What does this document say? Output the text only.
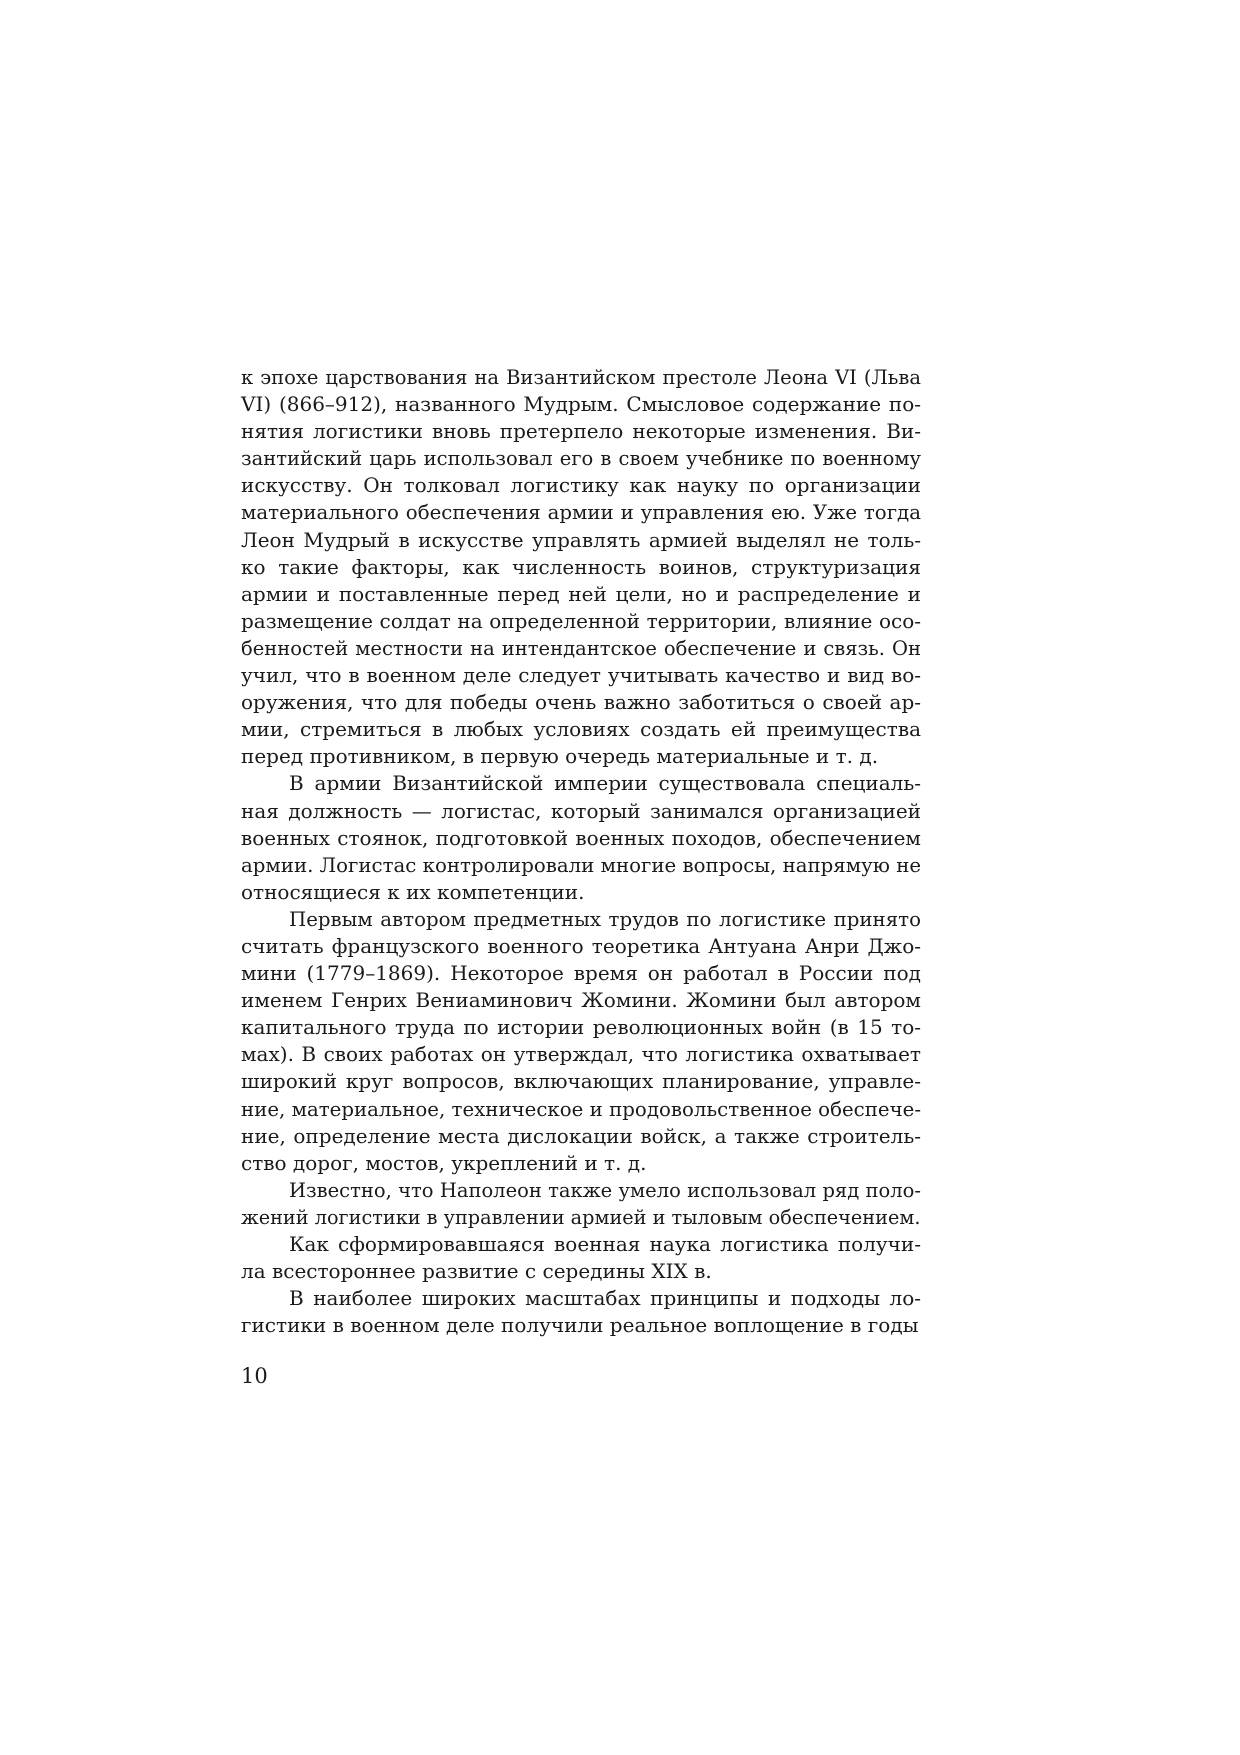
к эпохе царствования на Византийском престоле Леона VI (Льва
VI) (866–912), названного Мудрым. Смысловое содержание по-
нятия логистики вновь претерпело некоторые изменения. Ви-
зантийский царь использовал его в своем учебнике по военному
искусству. Он толковал логистику как науку по организации
материального обеспечения армии и управления ею. Уже тогда
Леон Мудрый в искусстве управлять армией выделял не толь-
ко такие факторы, как численность воинов, структуризация
армии и поставленные перед ней цели, но и распределение и
размещение солдат на определенной территории, влияние осо-
бенностей местности на интендантское обеспечение и связь. Он
учил, что в военном деле следует учитывать качество и вид во-
оружения, что для победы очень важно заботиться о своей ар-
мии, стремиться в любых условиях создать ей преимущества
перед противником, в первую очередь материальные и т. д.
В армии Византийской империи существовала специаль-
ная должность — логистас, который занимался организацией
военных стоянок, подготовкой военных походов, обеспечением
армии. Логистас контролировали многие вопросы, напрямую не
относящиеся к их компетенции.
Первым автором предметных трудов по логистике принято
считать французского военного теоретика Антуана Анри Джо-
мини (1779–1869). Некоторое время он работал в России под
именем Генрих Вениаминович Жомини. Жомини был автором
капитального труда по истории революционных войн (в 15 то-
мах). В своих работах он утверждал, что логистика охватывает
широкий круг вопросов, включающих планирование, управле-
ние, материальное, техническое и продовольственное обеспече-
ние, определение места дислокации войск, а также строитель-
ство дорог, мостов, укреплений и т. д.
Известно, что Наполеон также умело использовал ряд поло-
жений логистики в управлении армией и тыловым обеспечением.
Как сформировавшаяся военная наука логистика получи-
ла всестороннее развитие с середины XIX в.
В наиболее широких масштабах принципы и подходы ло-
гистики в военном деле получили реальное воплощение в годы
10
